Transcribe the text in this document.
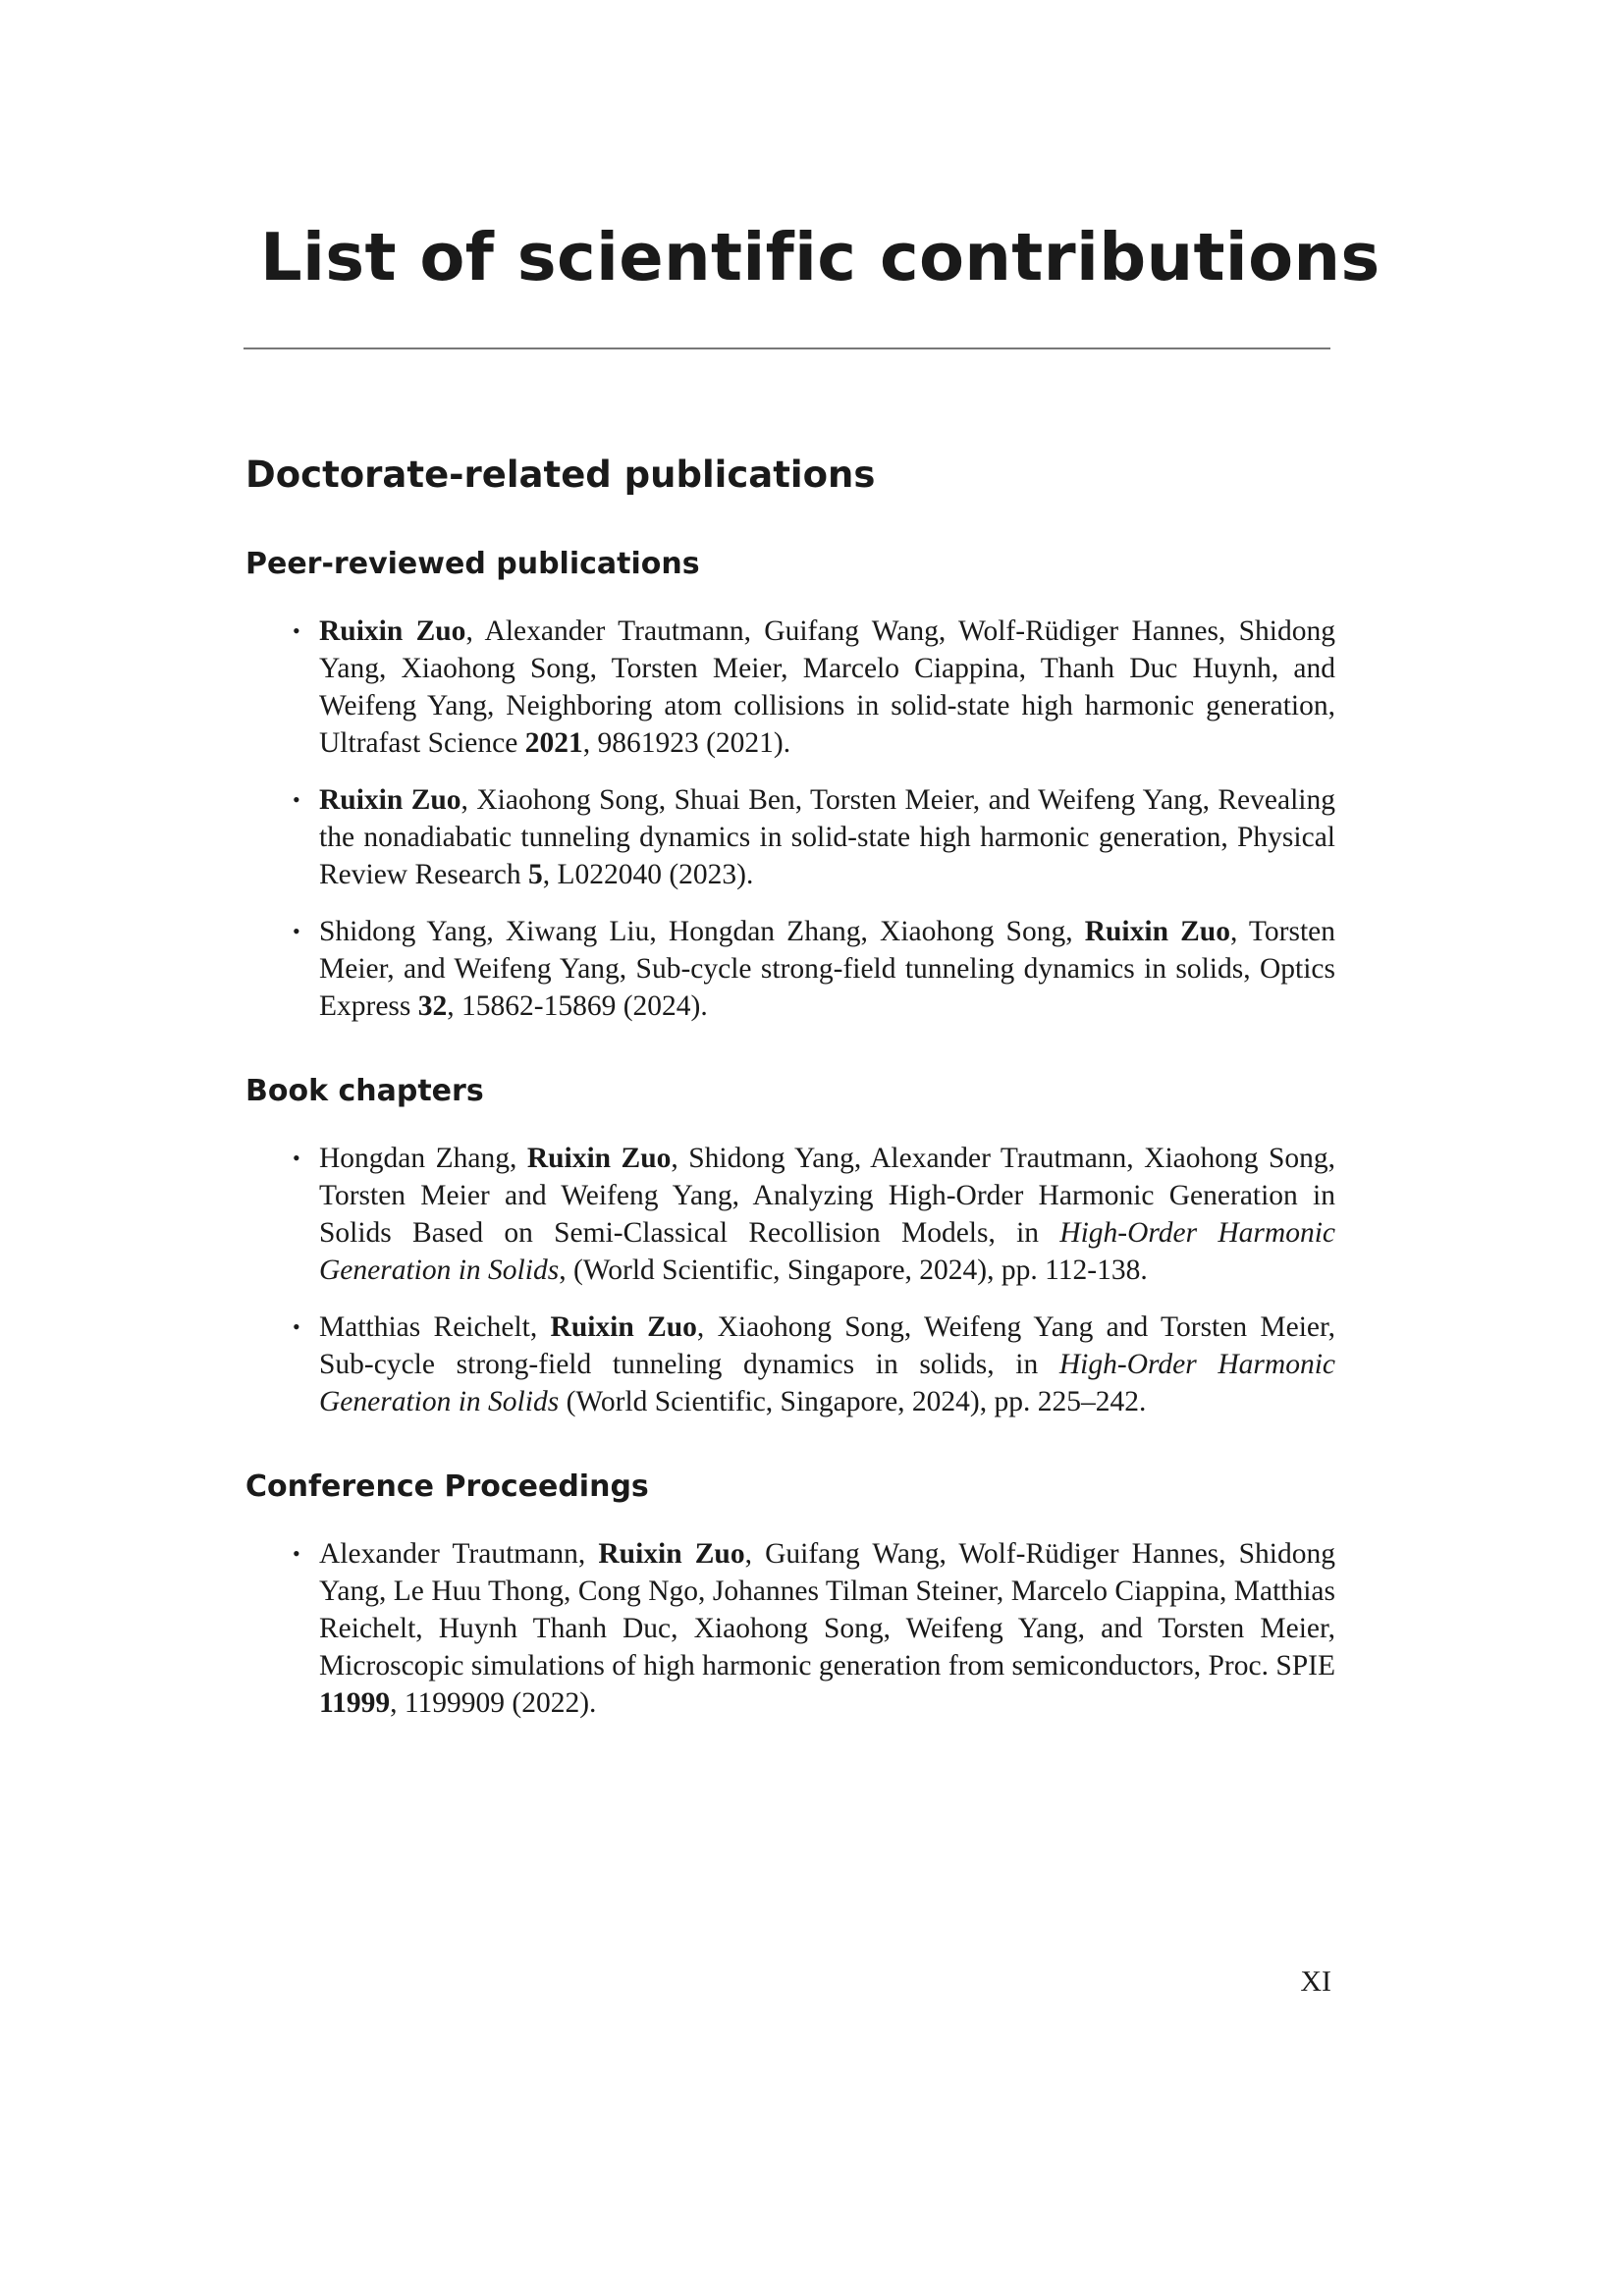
List of scientific contributions
Doctorate-related publications
Peer-reviewed publications
• Ruixin Zuo, Alexander Trautmann, Guifang Wang, Wolf-Rüdiger Hannes, Shidong Yang, Xiaohong Song, Torsten Meier, Marcelo Ciappina, Thanh Duc Huynh, and Weifeng Yang, Neighboring atom collisions in solid-state high harmonic generation, Ultrafast Science 2021, 9861923 (2021).
• Ruixin Zuo, Xiaohong Song, Shuai Ben, Torsten Meier, and Weifeng Yang, Revealing the nonadiabatic tunneling dynamics in solid-state high harmonic generation, Physical Review Research 5, L022040 (2023).
• Shidong Yang, Xiwang Liu, Hongdan Zhang, Xiaohong Song, Ruixin Zuo, Torsten Meier, and Weifeng Yang, Sub-cycle strong-field tunneling dynamics in solids, Optics Express 32, 15862-15869 (2024).
Book chapters
• Hongdan Zhang, Ruixin Zuo, Shidong Yang, Alexander Trautmann, Xiaohong Song, Torsten Meier and Weifeng Yang, Analyzing High-Order Harmonic Generation in Solids Based on Semi-Classical Recollision Models, in High-Order Harmonic Generation in Solids, (World Scientific, Singapore, 2024), pp. 112-138.
• Matthias Reichelt, Ruixin Zuo, Xiaohong Song, Weifeng Yang and Torsten Meier, Sub-cycle strong-field tunneling dynamics in solids, in High-Order Harmonic Generation in Solids (World Scientific, Singapore, 2024), pp. 225–242.
Conference Proceedings
• Alexander Trautmann, Ruixin Zuo, Guifang Wang, Wolf-Rüdiger Hannes, Shidong Yang, Le Huu Thong, Cong Ngo, Johannes Tilman Steiner, Marcelo Ciappina, Matthias Reichelt, Huynh Thanh Duc, Xiaohong Song, Weifeng Yang, and Torsten Meier, Microscopic simulations of high harmonic generation from semiconductors, Proc. SPIE 11999, 1199909 (2022).
XI
